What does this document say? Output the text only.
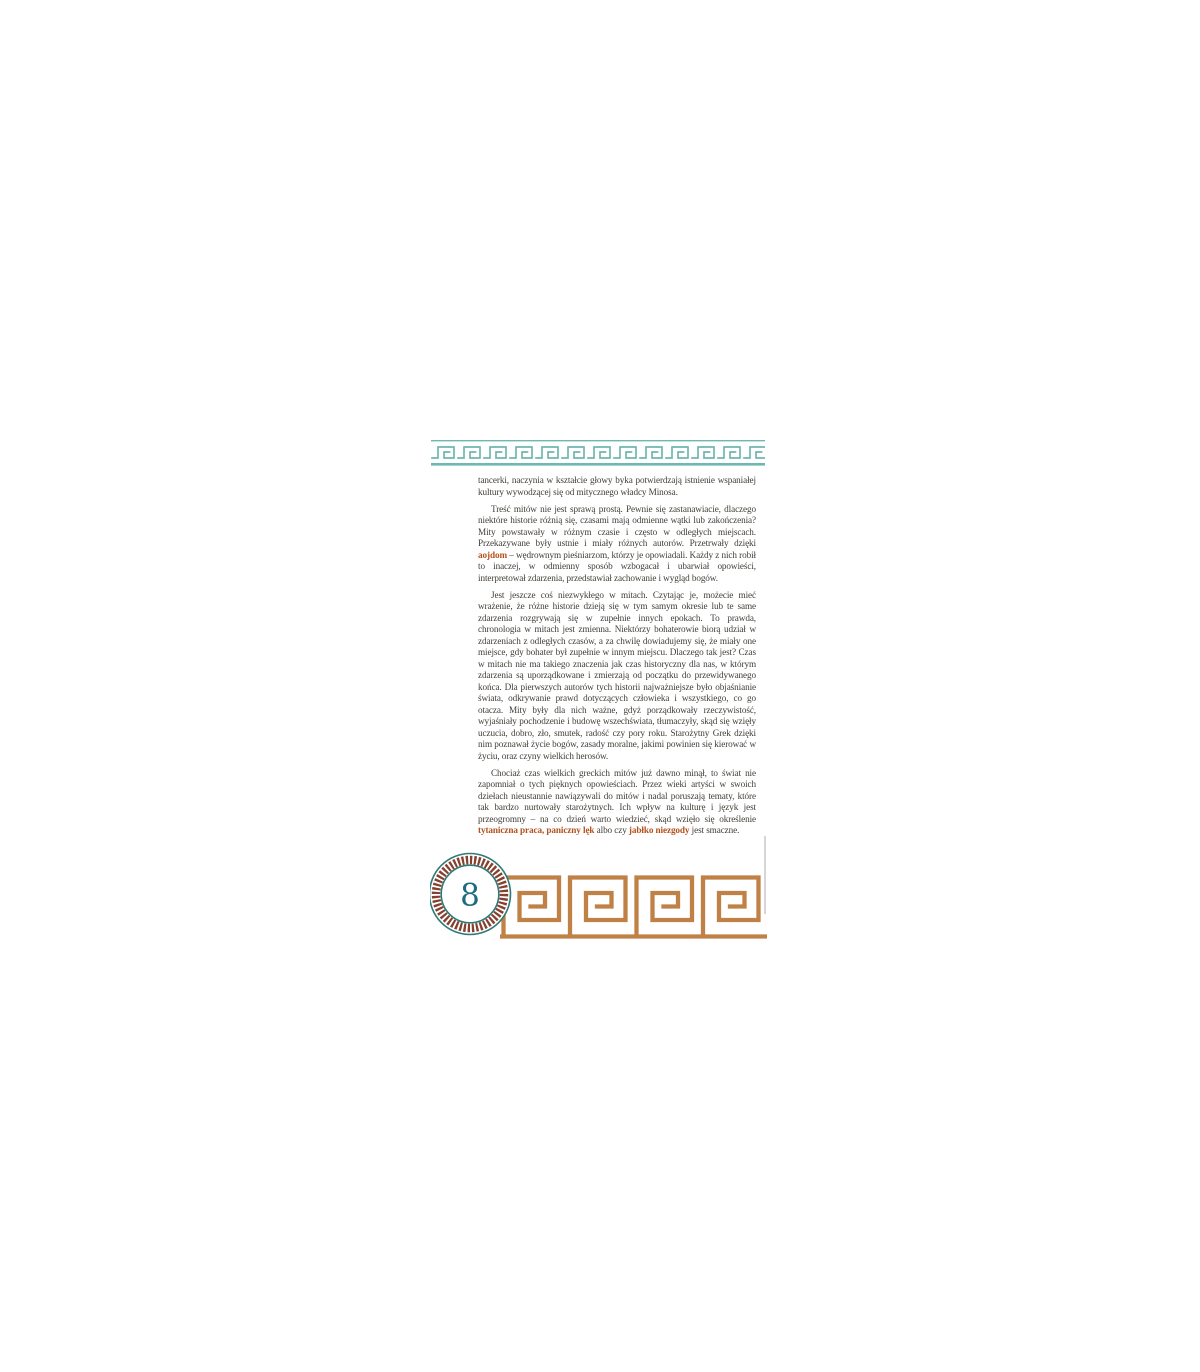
tancerki, naczynia w kształcie głowy byka potwierdzają istnienie wspaniałej kultury wywodzącej się od mitycznego władcy Minosa.

Treść mitów nie jest sprawą prostą. Pewnie się zastanawiacie, dlaczego niektóre historie różnią się, czasami mają odmienne wątki lub zakończenia? Mity powstawały w różnym czasie i często w odległych miejscach. Przekazywane były ustnie i miały różnych autorów. Przetrwały dzięki aojdom – wędrownym pieśniarzom, którzy je opowiadali. Każdy z nich robił to inaczej, w odmienny sposób wzbogacał i ubarwiał opowieści, interpretował zdarzenia, przedstawiał zachowanie i wygląd bogów.

Jest jeszcze coś niezwykłego w mitach. Czytając je, możecie mieć wrażenie, że różne historie dzieją się w tym samym okresie lub te same zdarzenia rozgrywają się w zupełnie innych epokach. To prawda, chronologia w mitach jest zmienna. Niektórzy bohaterowie biorą udział w zdarzeniach z odległych czasów, a za chwilę dowiadujemy się, że miały one miejsce, gdy bohater był zupełnie w innym miejscu. Dlaczego tak jest? Czas w mitach nie ma takiego znaczenia jak czas historyczny dla nas, w którym zdarzenia są uporządkowane i zmierzają od początku do przewidywanego końca. Dla pierwszych autorów tych historii najważniejsze było objaśnianie świata, odkrywanie prawd dotyczących człowieka i wszystkiego, co go otacza. Mity były dla nich ważne, gdyż porządkowały rzeczywistość, wyjaśniały pochodzenie i budowę wszechświata, tłumaczyły, skąd się wzięły uczucia, dobro, zło, smutek, radość czy pory roku. Starożytny Grek dzięki nim poznawał życie bogów, zasady moralne, jakimi powinien się kierować w życiu, oraz czyny wielkich herosów.

Chociaż czas wielkich greckich mitów już dawno minął, to świat nie zapomniał o tych pięknych opowieściach. Przez wieki artyści w swoich dziełach nieustannie nawiązywali do mitów i nadal poruszają tematy, które tak bardzo nurtowały starożytnych. Ich wpływ na kulturę i język jest przeogromny – na co dzień warto wiedzieć, skąd wzięło się określenie tytaniczna praca, paniczny lęk albo czy jabłko niezgody jest smaczne.

8
